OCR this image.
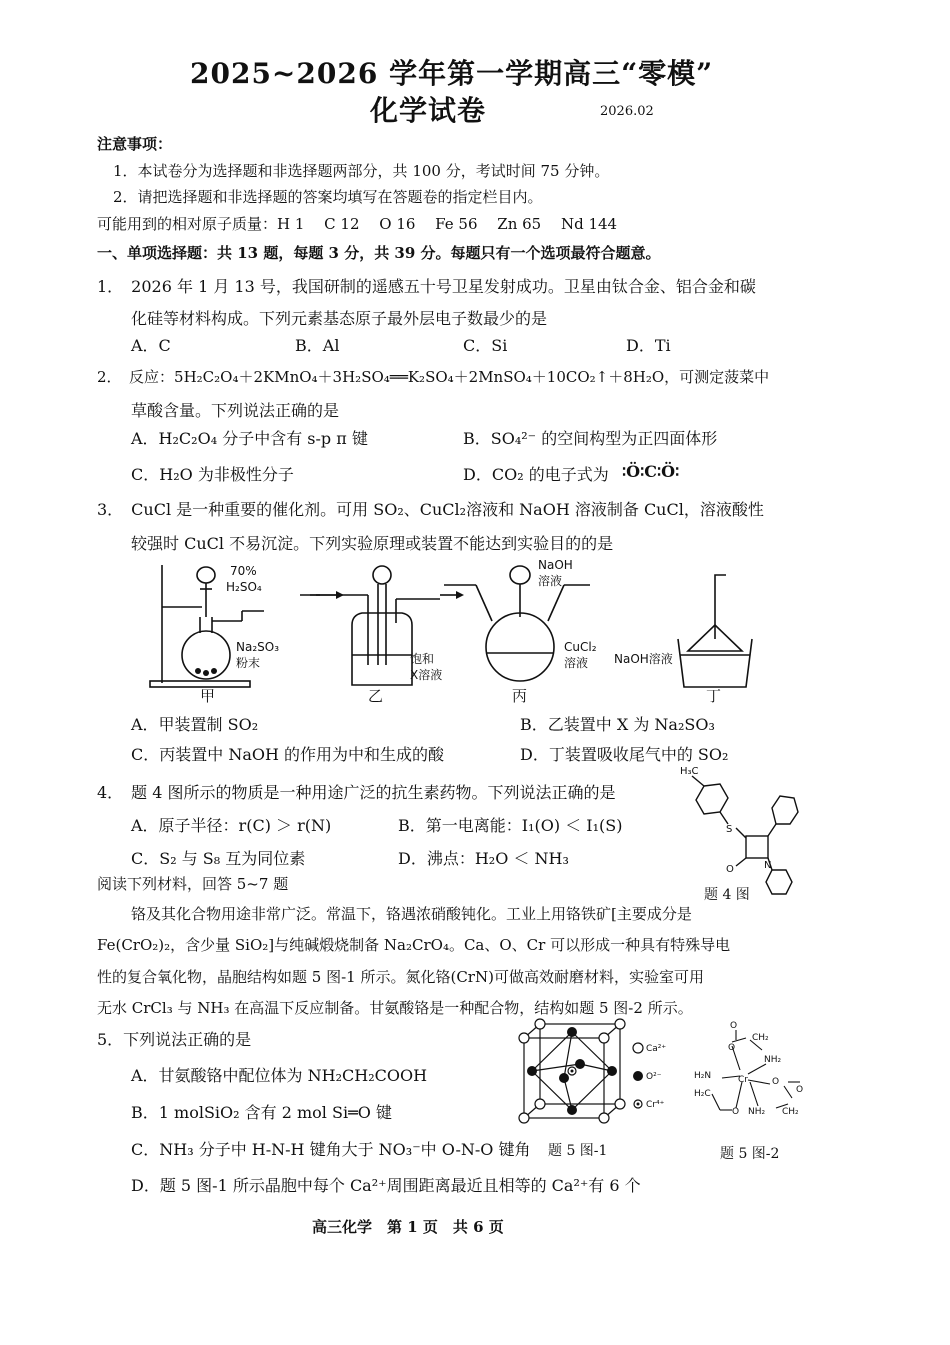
2025~2026 学年第一学期高三“零模”
化学试卷	2026.02
注意事项：
1．本试卷分为选择题和非选择题两部分，共 100 分，考试时间 75 分钟。
2．请把选择题和非选择题的答案均填写在答题卷的指定栏目内。
可能用到的相对原子质量：H 1　 C 12　 O 16　 Fe 56　 Zn 65　 Nd 144
一、单项选择题：共 13 题，每题 3 分，共 39 分。每题只有一个选项最符合题意。
1．　2026 年 1 月 13 号，我国研制的遥感五十号卫星发射成功。卫星由钛合金、铝合金和碳
化硅等材料构成。下列元素基态原子最外层电子数最少的是
A．C	B．Al	C．Si	D．Ti
2．　反应：5H₂C₂O₄＋2KMnO₄＋3H₂SO₄══K₂SO₄＋2MnSO₄＋10CO₂↑＋8H₂O，可测定菠菜中
草酸含量。下列说法正确的是
A．H₂C₂O₄ 分子中含有 s-p π 键	B．SO₄²⁻ 的空间构型为正四面体形
C．H₂O 为非极性分子	D．CO₂ 的电子式为 ∶Ö∶C∶Ö∶
3．　CuCl 是一种重要的催化剂。可用 SO₂、CuCl₂溶液和 NaOH 溶液制备 CuCl，溶液酸性
较强时 CuCl 不易沉淀。下列实验原理或装置不能达到实验目的的是
70%
H₂SO₄
Na₂SO₃
粉末	饱和
X溶液
NaOH
溶液
CuCl₂
溶液 NaOH溶液
甲	乙	丙	丁
A．甲装置制 SO₂	B．乙装置中 X 为 Na₂SO₃
C．丙装置中 NaOH 的作用为中和生成的酸	D．丁装置吸收尾气中的 SO₂
4．　题 4 图所示的物质是一种用途广泛的抗生素药物。下列说法正确的是
A．原子半径：r(C) ＞ r(N)	B．第一电离能：I₁(O) ＜ I₁(S)
C．S₂ 与 S₈ 互为同位素	D．沸点：H₂O ＜ NH₃
H₃C
S
O	N
题 4 图
阅读下列材料，回答 5~7 题
铬及其化合物用途非常广泛。常温下，铬遇浓硝酸钝化。工业上用铬铁矿[主要成分是
Fe(CrO₂)₂，含少量 SiO₂]与纯碱煅烧制备 Na₂CrO₄。Ca、O、Cr 可以形成一种具有特殊导电
性的复合氧化物，晶胞结构如题 5 图-1 所示。氮化铬(CrN)可做高效耐磨材料，实验室可用
无水 CrCl₃ 与 NH₃ 在高温下反应制备。甘氨酸铬是一种配合物，结构如题 5 图-2 所示。
5．下列说法正确的是
A．甘氨酸铬中配位体为 NH₂CH₂COOH
B．1 molSiO₂ 含有 2 mol Si═O 键
C．NH₃ 分子中 H-N-H 键角大于 NO₃⁻中 O-N-O 键角
D．题 5 图-1 所示晶胞中每个 Ca²⁺周围距离最近且相等的 Ca²⁺有 6 个
Ca²⁺
O²⁻
Cr⁴⁺
题 5 图-1
O
CH₂
O
NH₂
H₂N	Cr	O
O
H₂C
O NH₂ CH₂
题 5 图-2
高三化学　第 1 页　共 6 页
